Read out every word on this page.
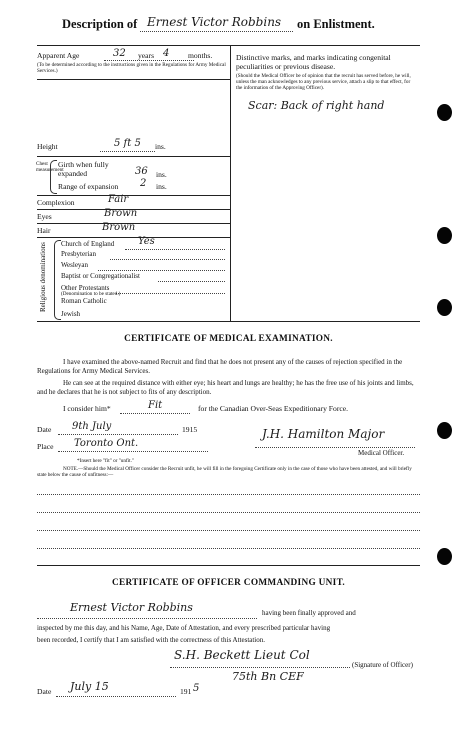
Description of Ernest Victor Robbins on Enlistment.
Apparent Age	32 years 4 months.
(To be determined according to the instructions given in the Regulations for Army Medical Services.)
Height	5 ft 5 ins.
Chest measurement
Girth when fully expanded	36 ins.
Range of expansion 2 ins.
Complexion	Fair
Eyes	Brown
Hair	Brown
Religious denominations Church of England Yes
Presbyterian
Wesleyan
Baptist or Congregationalist
Other Protestants
(Denomination to be stated.)
Roman Catholic
Jewish
Distinctive marks, and marks indicating congenital peculiarities or previous disease.
(Should the Medical Officer be of opinion that the recruit has served before, he will, unless the man acknowledges to any previous service, attach a slip to that effect, for the information of the Approving Officer).
Scar: Back of right hand
CERTIFICATE OF MEDICAL EXAMINATION.
I have examined the above-named Recruit and find that he does not present any of the causes of rejection specified in the Regulations for Army Medical Services.
He can see at the required distance with either eye; his heart and lungs are healthy; he has the free use of his joints and limbs, and he declares that he is not subject to fits of any description.
I consider him*	Fit	for the Canadian Over-Seas Expeditionary Force.
Date 9th July	1915
Place Toronto Ont.
J.H. Hamilton Major
Medical Officer.
*Insert here "fit" or "unfit."
NOTE.—Should the Medical Officer consider the Recruit unfit, he will fill in the foregoing Certificate only in the case of those who have been attested, and will briefly state below the cause of unfitness:—
CERTIFICATE OF OFFICER COMMANDING UNIT.
Ernest Victor Robbins	having been finally approved and
inspected by me this day, and his Name, Age, Date of Attestation, and every prescribed particular having
been recorded, I certify that I am satisfied with the correctness of this Attestation.
S.H. Beckett Lieut Col
(Signature of Officer)
75th Bn CEF
Date July 15	191 5
